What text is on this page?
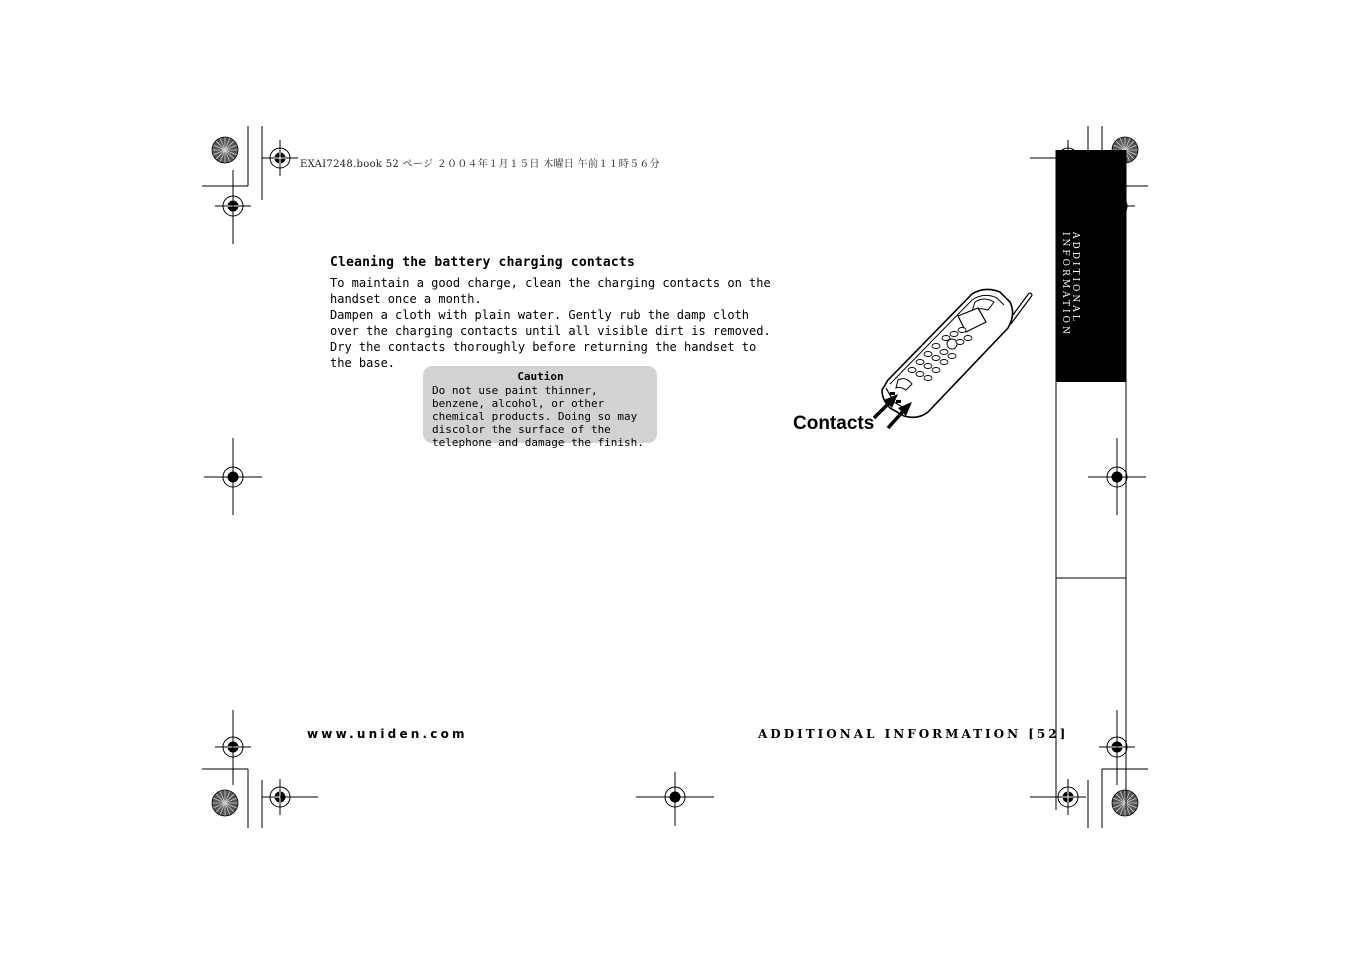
EXAI7248.book 52 ページ ２００４年１月１５日 木曜日 午前１１時５６分
Cleaning the battery charging contacts

To maintain a good charge, clean the charging contacts on the handset once a month.

Dampen a cloth with plain water. Gently rub the damp cloth over the charging contacts until all visible dirt is removed. Dry the contacts thoroughly before returning the handset to the base.

Caution
Do not use paint thinner, benzene, alcohol, or other chemical products. Doing so may discolor the surface of the telephone and damage the finish.
Contacts
ADDITIONAL INFORMATION
www.uniden.com	ADDITIONAL INFORMATION [52]
